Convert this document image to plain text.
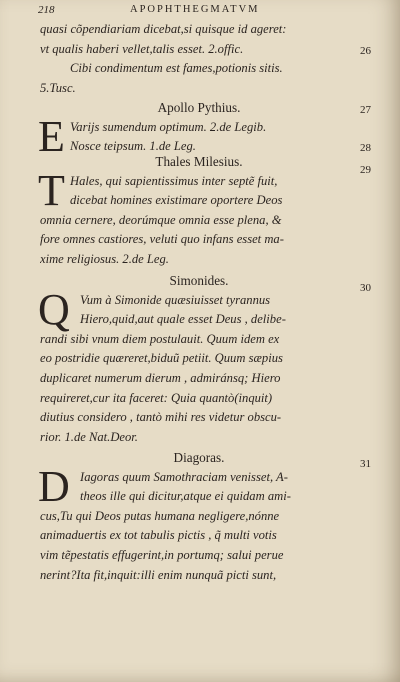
218	APOPHTHEGMATVM
quasi cõpendiariam dicebat,si quisque id ageret:
vt qualis haberi vellet,talis esset. 2.offic.
Cibi condimentum est fames,potionis sitis.
5.Tusc.
26
Apollo Pythius.
Varijs sumendum optimum. 2.de Legib.
Nosce teipsum. 1.de Leg.
E
27
28
Thales Milesius.
Hales, qui sapientissimus inter septẽ fuit,
dicebat homines existimare oportere Deos
omnia cernere, deorúmque omnia esse plena, &
fore omnes castiores, veluti quo infans esset ma-
xime religiosus. 2.de Leg.
T	29
Simonides.
Vum à Simonide quæsiuisset tyrannus
Hiero,quid,aut quale esset Deus , delibe-
randi sibi vnum diem postulauit. Quum idem ex
eo postridie quæreret,biduũ petiit. Quum sæpius
duplicaret numerum dierum , admiránsq; Hiero
requireret,cur ita faceret: Quia quantò(inquit)
diutius considero , tantò mihi res videtur obscu-
rior. 1.de Nat.Deor.
Q	30
Diagoras.
Iagoras quum Samothraciam venisset, A-
theos ille qui dicitur,atque ei quidam ami-
cus,Tu qui Deos putas humana negligere,nónne
animaduertis ex tot tabulis pictis , q̃ multi votis
vim tẽpestatis effugerint,in portumq; salui perue
nerint?Ita fit,inquit:illi enim nunquã picti sunt,
D	31
